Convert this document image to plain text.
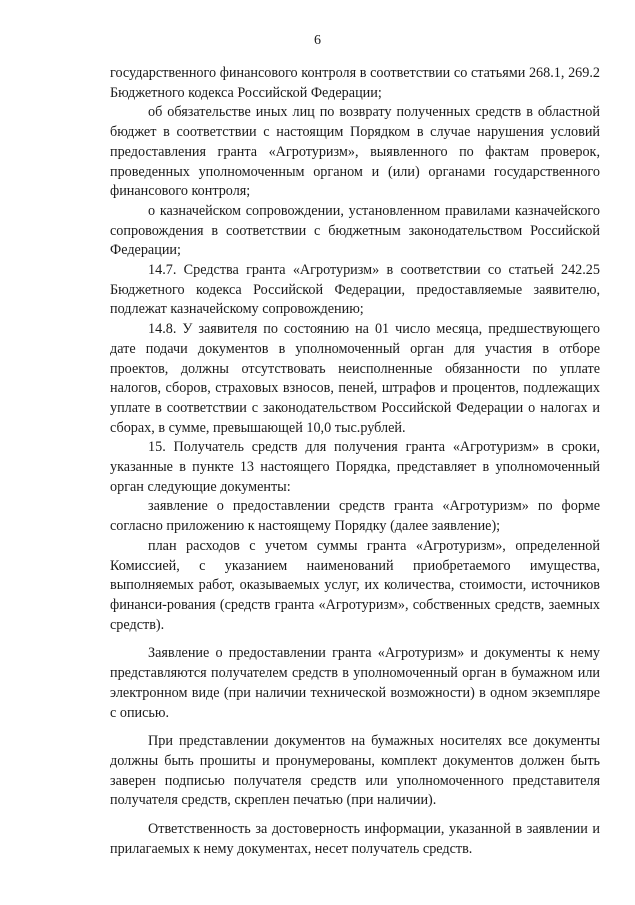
6

государственного финансового контроля в соответствии со статьями 268.1, 269.2 Бюджетного кодекса Российской Федерации;

об обязательстве иных лиц по возврату полученных средств в областной бюджет в соответствии с настоящим Порядком в случае нарушения условий предоставления гранта «Агротуризм», выявленного по фактам проверок, проведенных уполномоченным органом и (или) органами государственного финансового контроля;

о казначейском сопровождении, установленном правилами казначейского сопровождения в соответствии с бюджетным законодательством Российской Федерации;

14.7. Средства гранта «Агротуризм» в соответствии со статьей 242.25 Бюджетного кодекса Российской Федерации, предоставляемые заявителю, подлежат казначейскому сопровождению;

14.8. У заявителя по состоянию на 01 число месяца, предшествующего дате подачи документов в уполномоченный орган для участия в отборе проектов, должны отсутствовать неисполненные обязанности по уплате налогов, сборов, страховых взносов, пеней, штрафов и процентов, подлежащих уплате в соответствии с законодательством Российской Федерации о налогах и сборах, в сумме, превышающей 10,0 тыс.рублей.

15. Получатель средств для получения гранта «Агротуризм» в сроки, указанные в пункте 13 настоящего Порядка, представляет в уполномоченный орган следующие документы:

заявление о предоставлении средств гранта «Агротуризм» по форме согласно приложению к настоящему Порядку (далее заявление);

план расходов с учетом суммы гранта «Агротуризм», определенной Комиссией, с указанием наименований приобретаемого имущества, выполняемых работ, оказываемых услуг, их количества, стоимости, источников финанси-рования (средств гранта «Агротуризм», собственных средств, заемных средств).

Заявление о предоставлении гранта «Агротуризм» и документы к нему представляются получателем средств в уполномоченный орган в бумажном или электронном виде (при наличии технической возможности) в одном экземпляре с описью.

При представлении документов на бумажных носителях все документы должны быть прошиты и пронумерованы, комплект документов должен быть заверен подписью получателя средств или уполномоченного представителя получателя средств, скреплен печатью (при наличии).

Ответственность за достоверность информации, указанной в заявлении и прилагаемых к нему документах, несет получатель средств.
